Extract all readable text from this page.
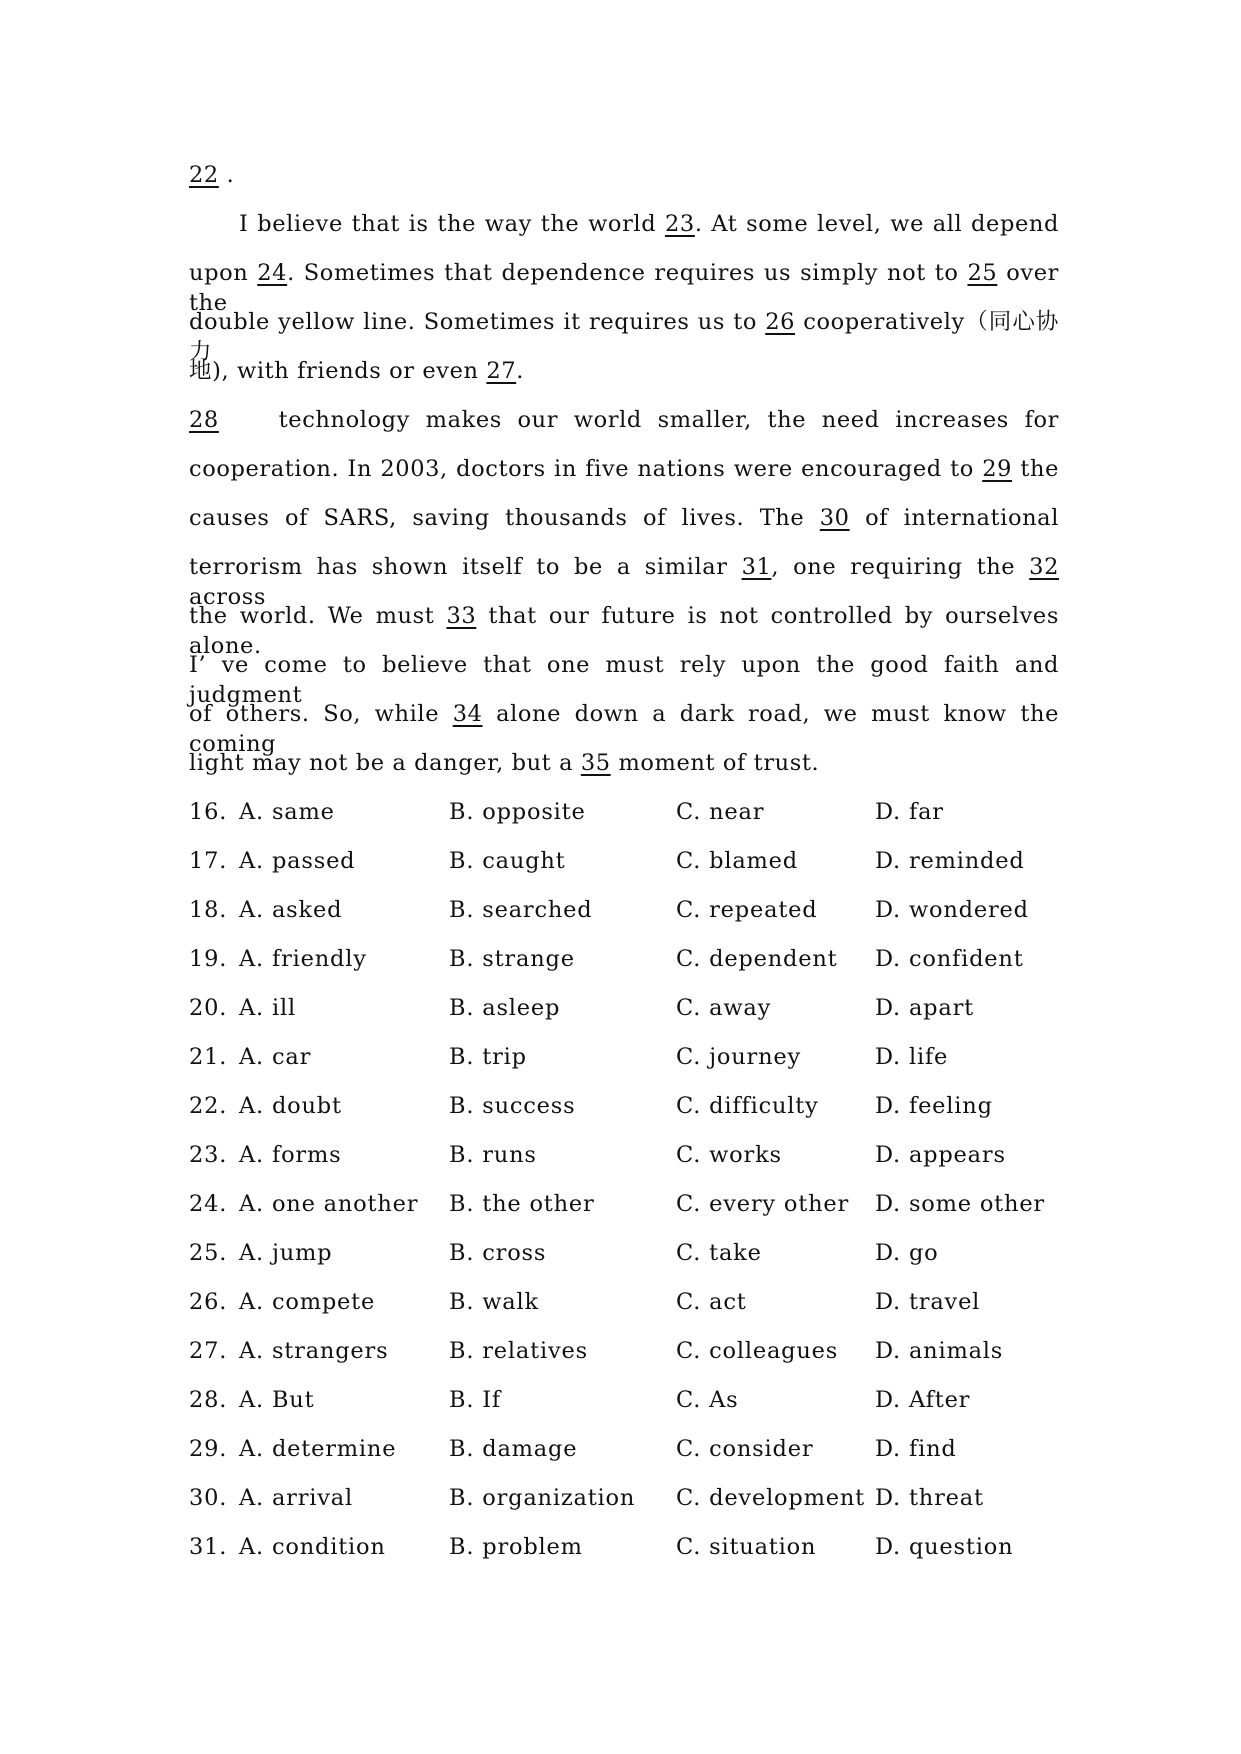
22 .
I believe that is the way the world 23. At some level, we all depend
upon 24. Sometimes that dependence requires us simply not to 25 over the
double yellow line. Sometimes it requires us to 26 cooperatively（同心协力
地), with friends or even 27.
28 technology makes our world smaller, the need increases for
cooperation. In 2003, doctors in five nations were encouraged to 29 the
causes of SARS, saving thousands of lives. The 30 of international
terrorism has shown itself to be a similar 31, one requiring the 32 across
the world. We must 33 that our future is not controlled by ourselves alone.
I’ ve come to believe that one must rely upon the good faith and judgment
of others. So, while 34 alone down a dark road, we must know the coming
light may not be a danger, but a 35 moment of trust.
16. A. same	B. opposite	C. near	D. far
17. A. passed	B. caught	C. blamed	D. reminded
18. A. asked	B. searched	C. repeated	D. wondered
19. A. friendly	B. strange	C. dependent D. confident
20. A. ill	B. asleep	C. away	D. apart
21. A. car	B. trip	C. journey	D. life
22. A. doubt	B. success	C. difficulty	D. feeling
23. A. forms	B. runs	C. works	D. appears
24. A. one another B. the other	C. every other D. some other
25. A. jump	B. cross	C. take	D. go
26. A. compete	B. walk	C. act	D. travel
27. A. strangers	B. relatives	C. colleagues D. animals
28. A. But	B. If	C. As	D. After
29. A. determine B. damage	C. consider	D. find
30. A. arrival	B. organization C. development D. threat
31. A. condition	B. problem	C. situation	D. question
